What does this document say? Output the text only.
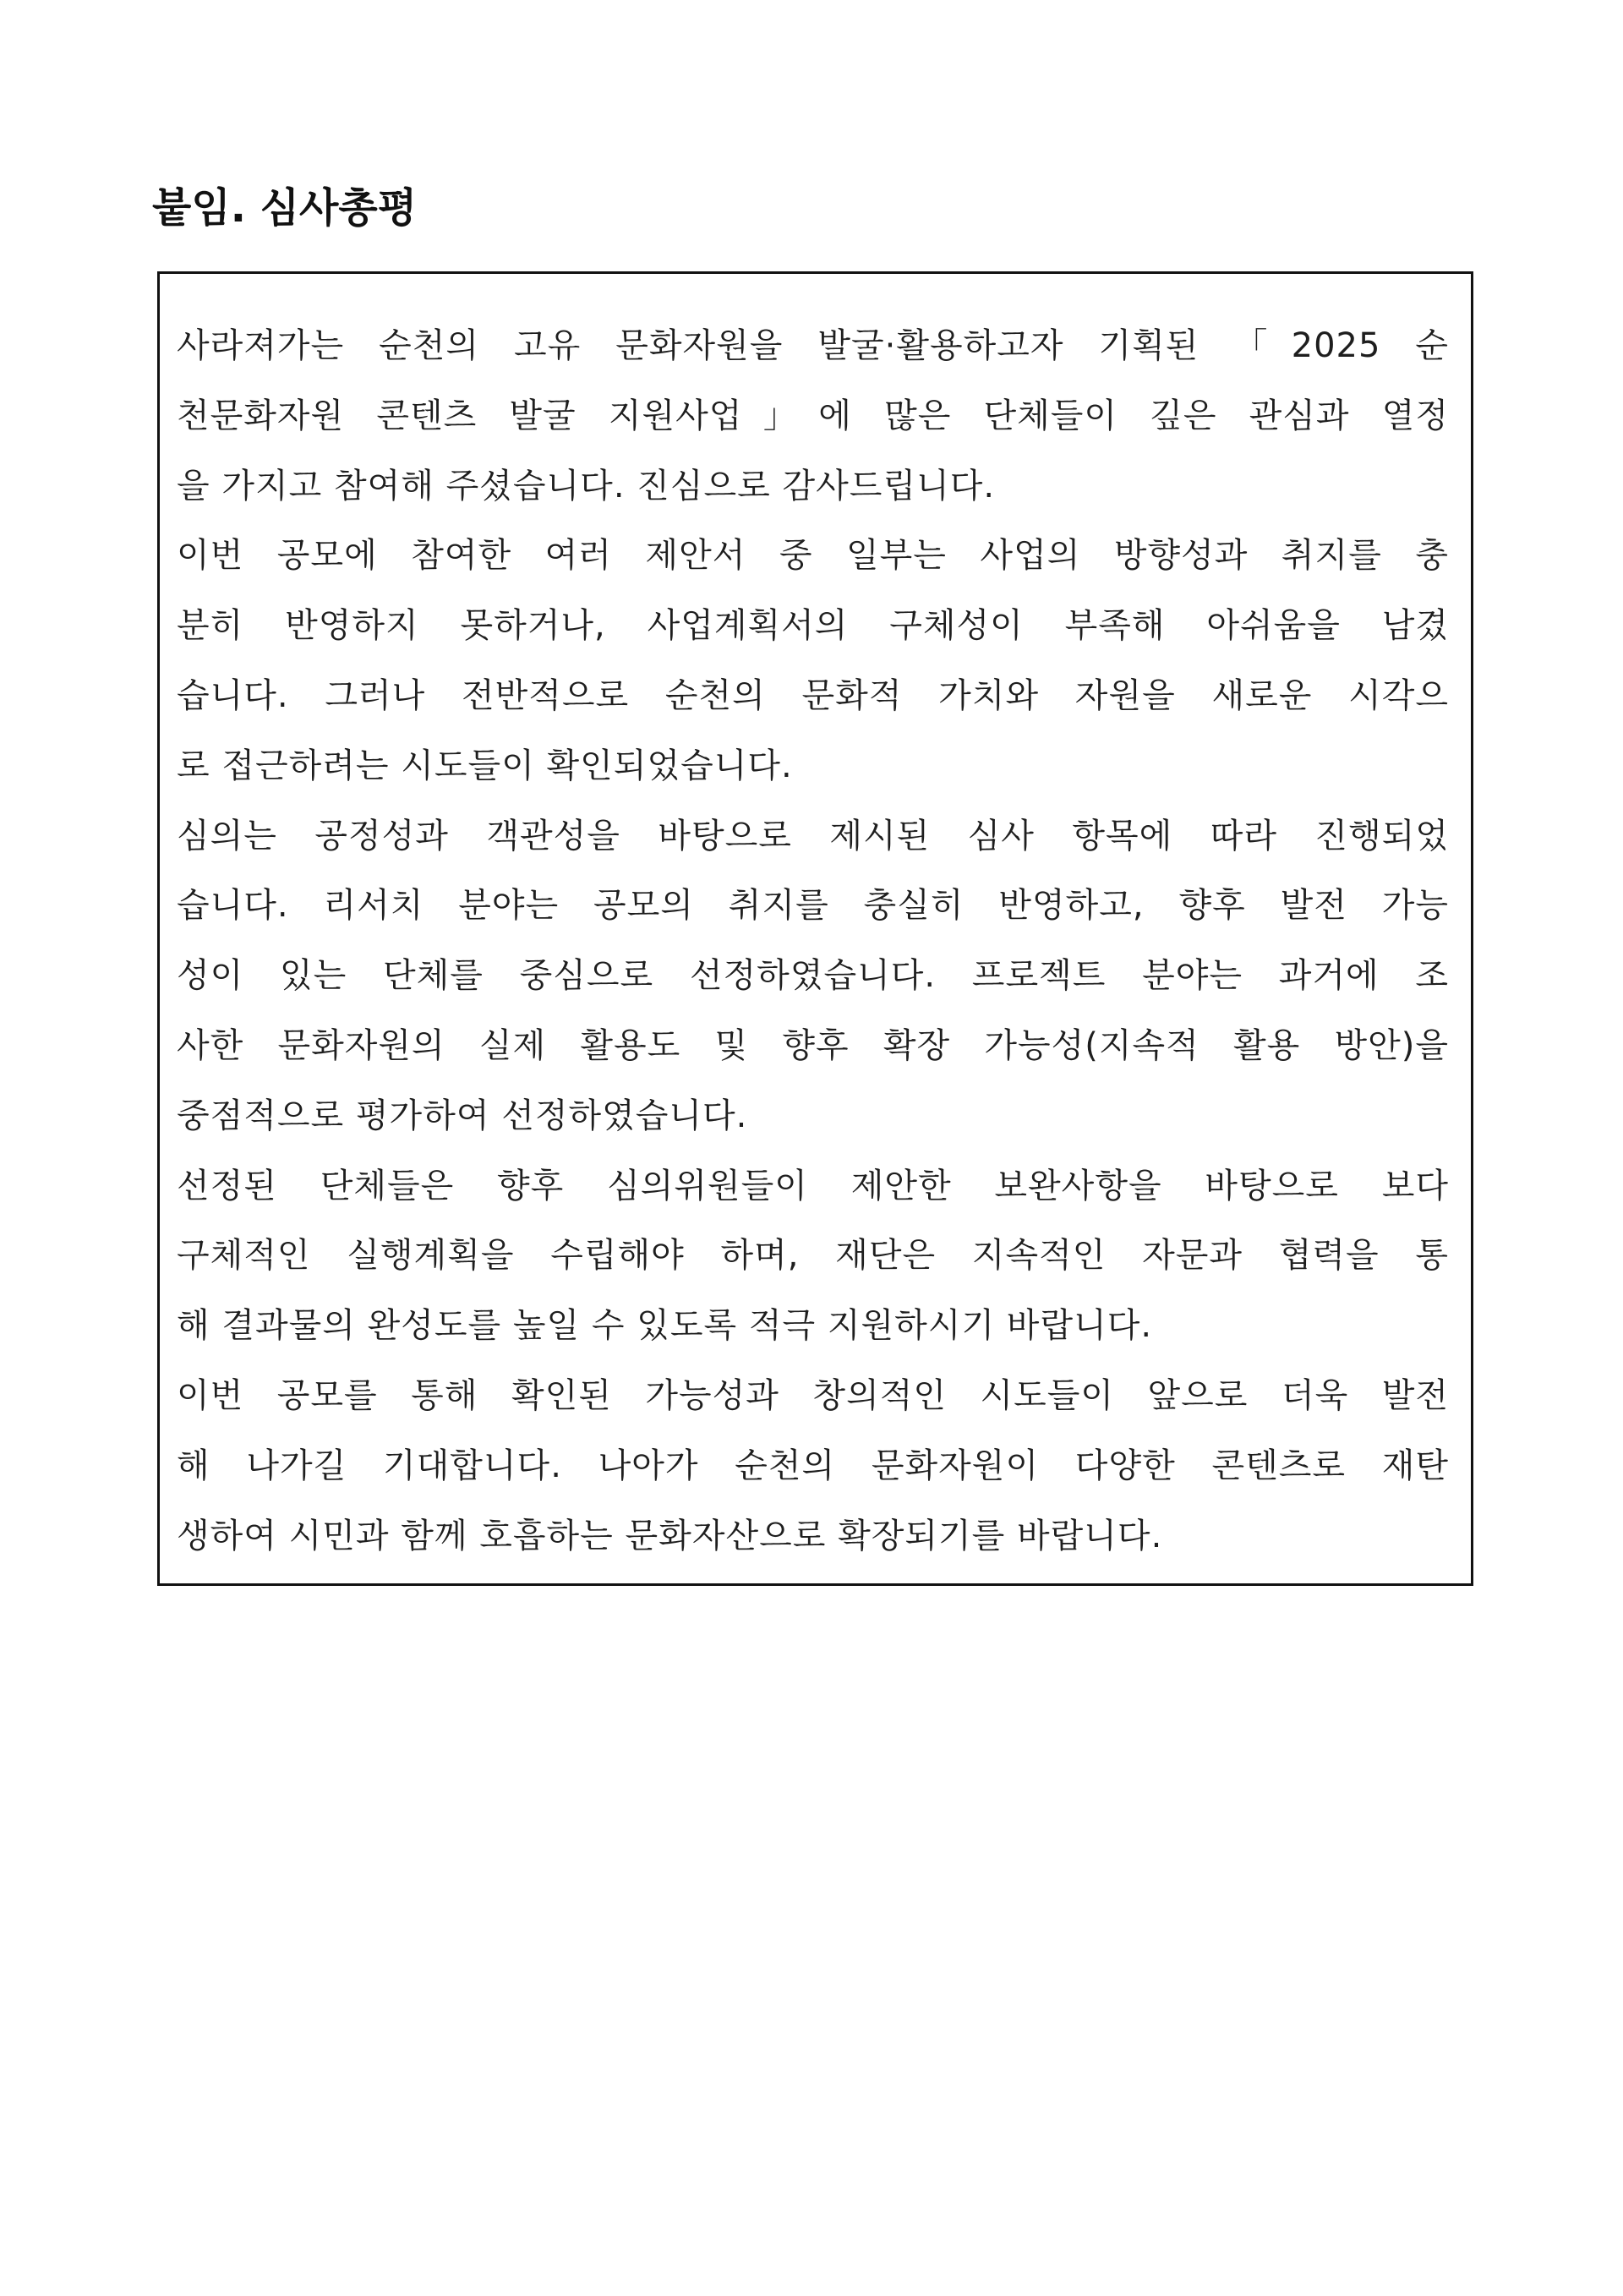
붙임. 심사총평

사라져가는 순천의 고유 문화자원을 발굴·활용하고자 기획된 「2025 순

천문화자원 콘텐츠 발굴 지원사업」에 많은 단체들이 깊은 관심과 열정

을 가지고 참여해 주셨습니다. 진심으로 감사드립니다.

이번 공모에 참여한 여러 제안서 중 일부는 사업의 방향성과 취지를 충

분히 반영하지 못하거나, 사업계획서의 구체성이 부족해 아쉬움을 남겼

습니다. 그러나 전반적으로 순천의 문화적 가치와 자원을 새로운 시각으

로 접근하려는 시도들이 확인되었습니다.

심의는 공정성과 객관성을 바탕으로 제시된 심사 항목에 따라 진행되었

습니다. 리서치 분야는 공모의 취지를 충실히 반영하고, 향후 발전 가능

성이 있는 단체를 중심으로 선정하였습니다. 프로젝트 분야는 과거에 조

사한 문화자원의 실제 활용도 및 향후 확장 가능성(지속적 활용 방안)을

중점적으로 평가하여 선정하였습니다.

선정된 단체들은 향후 심의위원들이 제안한 보완사항을 바탕으로 보다

구체적인 실행계획을 수립해야 하며, 재단은 지속적인 자문과 협력을 통

해 결과물의 완성도를 높일 수 있도록 적극 지원하시기 바랍니다.

이번 공모를 통해 확인된 가능성과 창의적인 시도들이 앞으로 더욱 발전

해 나가길 기대합니다. 나아가 순천의 문화자원이 다양한 콘텐츠로 재탄

생하여 시민과 함께 호흡하는 문화자산으로 확장되기를 바랍니다.
